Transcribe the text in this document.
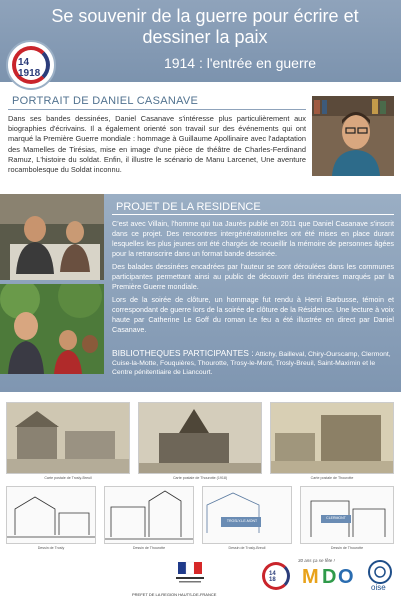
Se souvenir de la guerre pour écrire et dessiner la paix
1914 : l'entrée en guerre
14
1918
PORTRAIT DE DANIEL CASANAVE
Dans ses bandes dessinées, Daniel Casanave s'intéresse plus particulièrement aux biographies d'écrivains. Il a également orienté son travail sur des événements qui ont marqué la Première Guerre mondiale : hommage à Guillaume Apollinaire avec l'adaptation des Mamelles de Tirésias, mise en image d'une pièce de théâtre de Charles-Ferdinand Ramuz, L'histoire du soldat. Enfin, il illustre le scénario de Manu Larcenet, Une aventure rocambolesque du Soldat inconnu.
PROJET DE LA RESIDENCE

C'est avec Villain, l'homme qui tua Jaurès publié en 2011 que Daniel Casanave s'inscrit dans ce projet. Des rencontres intergénérationnelles ont été mises en place durant lesquelles les plus jeunes ont été chargés de recueillir la mémoire de personnes âgées pour la retranscrire dans un format bande dessinée.

Des balades dessinées encadrées par l'auteur se sont déroulées dans les communes participantes permettant ainsi au public de découvrir des itinéraires marqués par la Première Guerre mondiale.

Lors de la soirée de clôture, un hommage fut rendu à Henri Barbusse, témoin et correspondant de guerre lors de la soirée de clôture de la Résidence. Une lecture à voix haute par Catherine Le Goff du roman Le feu a été illustrée en direct par Daniel Casanave.

BIBLIOTHEQUES PARTICIPANTES : Attichy, Bailleval, Chiry-Ourscamp, Clermont, Cuise-la-Motte, Fouquières, Thourotte, Trosy-le-Mont, Trosly-Breuil, Saint-Maximin et le Centre pénitentiaire de Liancourt.
Carte postale de Trosly-Breuil	Carte postale de Thourotte (1918)	Carte postale de Thourotte
Dessin de Trosly	Dessin de Thourotte
TROSLY-LE-MONT
Dessin de Trosly-Breuil
CLERMONT
Dessin de Thourotte
PREFET DE LA REGION HAUTS-DE-FRANCE
14
18
30 ans ça se fête !
M D O oise
